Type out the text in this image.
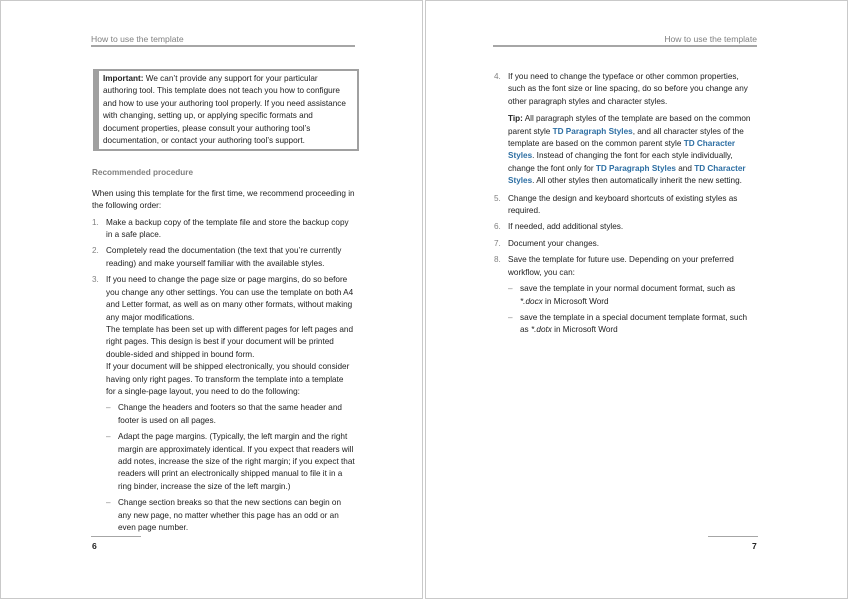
How to use the template
Important: We can’t provide any support for your particular authoring tool. This template does not teach you how to configure and how to use your authoring tool properly. If you need assistance with changing, setting up, or applying specific formats and document properties, please consult your authoring tool’s documentation, or contact your authoring tool’s support.
Recommended procedure

When using this template for the first time, we recommend proceeding in the following order:

1. Make a backup copy of the template file and store the backup copy in a safe place.
2. Completely read the documentation (the text that you’re currently reading) and make yourself familiar with the available styles.
3. If you need to change the page size or page margins, do so before you change any other settings. You can use the template on both A4 and Letter format, as well as on many other formats, without making any major modifications.

The template has been set up with different pages for left pages and right pages. This design is best if your document will be printed double-sided and shipped in bound form.

If your document will be shipped electronically, you should consider having only right pages. To transform the template into a template for a single-page layout, you need to do the following:

– Change the headers and footers so that the same header and footer is used on all pages.
– Adapt the page margins. (Typically, the left margin and the right margin are approximately identical. If you expect that readers will add notes, increase the size of the right margin; if you expect that readers will print an electronically shipped manual to file it in a ring binder, increase the size of the left margin.)
– Change section breaks so that the new sections can begin on any new page, no matter whether this page has an odd or an even page number.
6
How to use the template
4. If you need to change the typeface or other common properties, such as the font size or line spacing, do so before you change any other paragraph styles and character styles.
Tip: All paragraph styles of the template are based on the common parent style TD Paragraph Styles, and all character styles of the template are based on the common parent style TD Character Styles. Instead of changing the font for each style individually, change the font only for TD Paragraph Styles and TD Character Styles. All other styles then automatically inherit the new setting.
5. Change the design and keyboard shortcuts of existing styles as required.
6. If needed, add additional styles.
7. Document your changes.
8. Save the template for future use. Depending on your preferred workflow, you can:
– save the template in your normal document format, such as *.docx in Microsoft Word
– save the template in a special document template format, such as *.dotx in Microsoft Word
7
